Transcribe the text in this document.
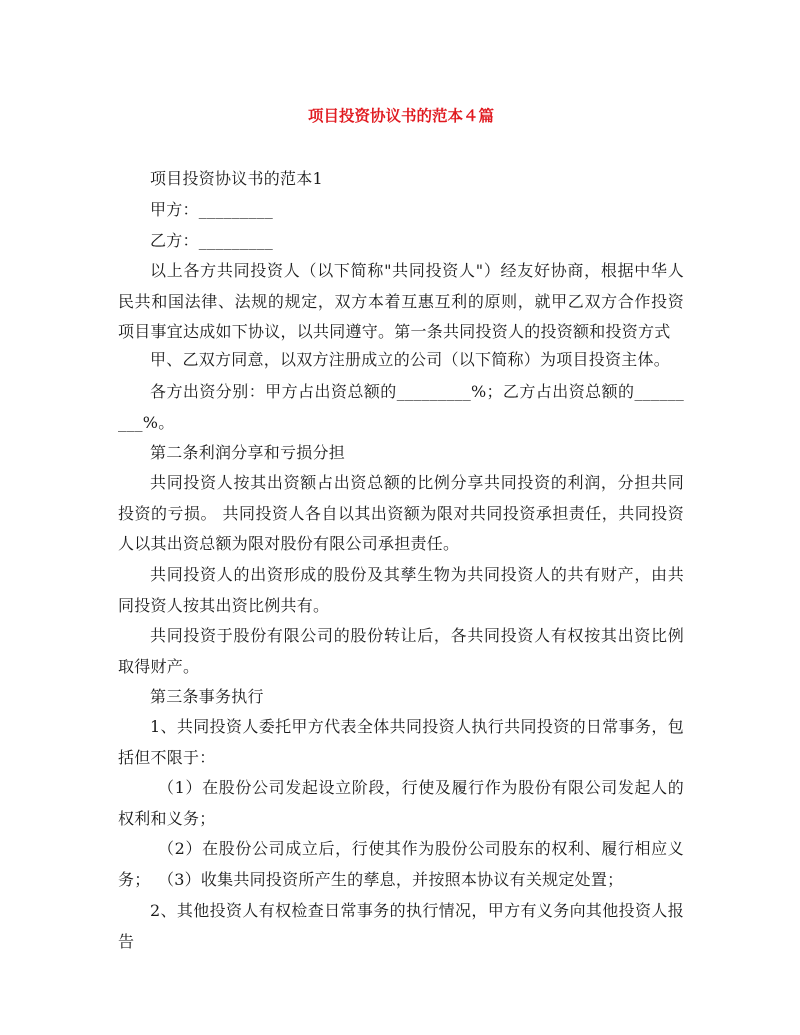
项目投资协议书的范本４篇
项目投资协议书的范本1
甲方：_________
乙方：_________
以上各方共同投资人（以下简称"共同投资人"）经友好协商，根据中华人民共和国法律、法规的规定，双方本着互惠互利的原则，就甲乙双方合作投资项目事宜达成如下协议，以共同遵守。第一条共同投资人的投资额和投资方式
甲、乙双方同意，以双方注册成立的公司（以下简称）为项目投资主体。
各方出资分别：甲方占出资总额的_________%；乙方占出资总额的_________%。
第二条利润分享和亏损分担
共同投资人按其出资额占出资总额的比例分享共同投资的利润，分担共同投资的亏损。 共同投资人各自以其出资额为限对共同投资承担责任，共同投资人以其出资总额为限对股份有限公司承担责任。
共同投资人的出资形成的股份及其孳生物为共同投资人的共有财产，由共同投资人按其出资比例共有。
共同投资于股份有限公司的股份转让后，各共同投资人有权按其出资比例取得财产。
第三条事务执行
1、共同投资人委托甲方代表全体共同投资人执行共同投资的日常事务，包括但不限于：
（1）在股份公司发起设立阶段，行使及履行作为股份有限公司发起人的权利和义务；
（2）在股份公司成立后，行使其作为股份公司股东的权利、履行相应义务； （3）收集共同投资所产生的孳息，并按照本协议有关规定处置；
2、其他投资人有权检查日常事务的执行情况，甲方有义务向其他投资人报告
